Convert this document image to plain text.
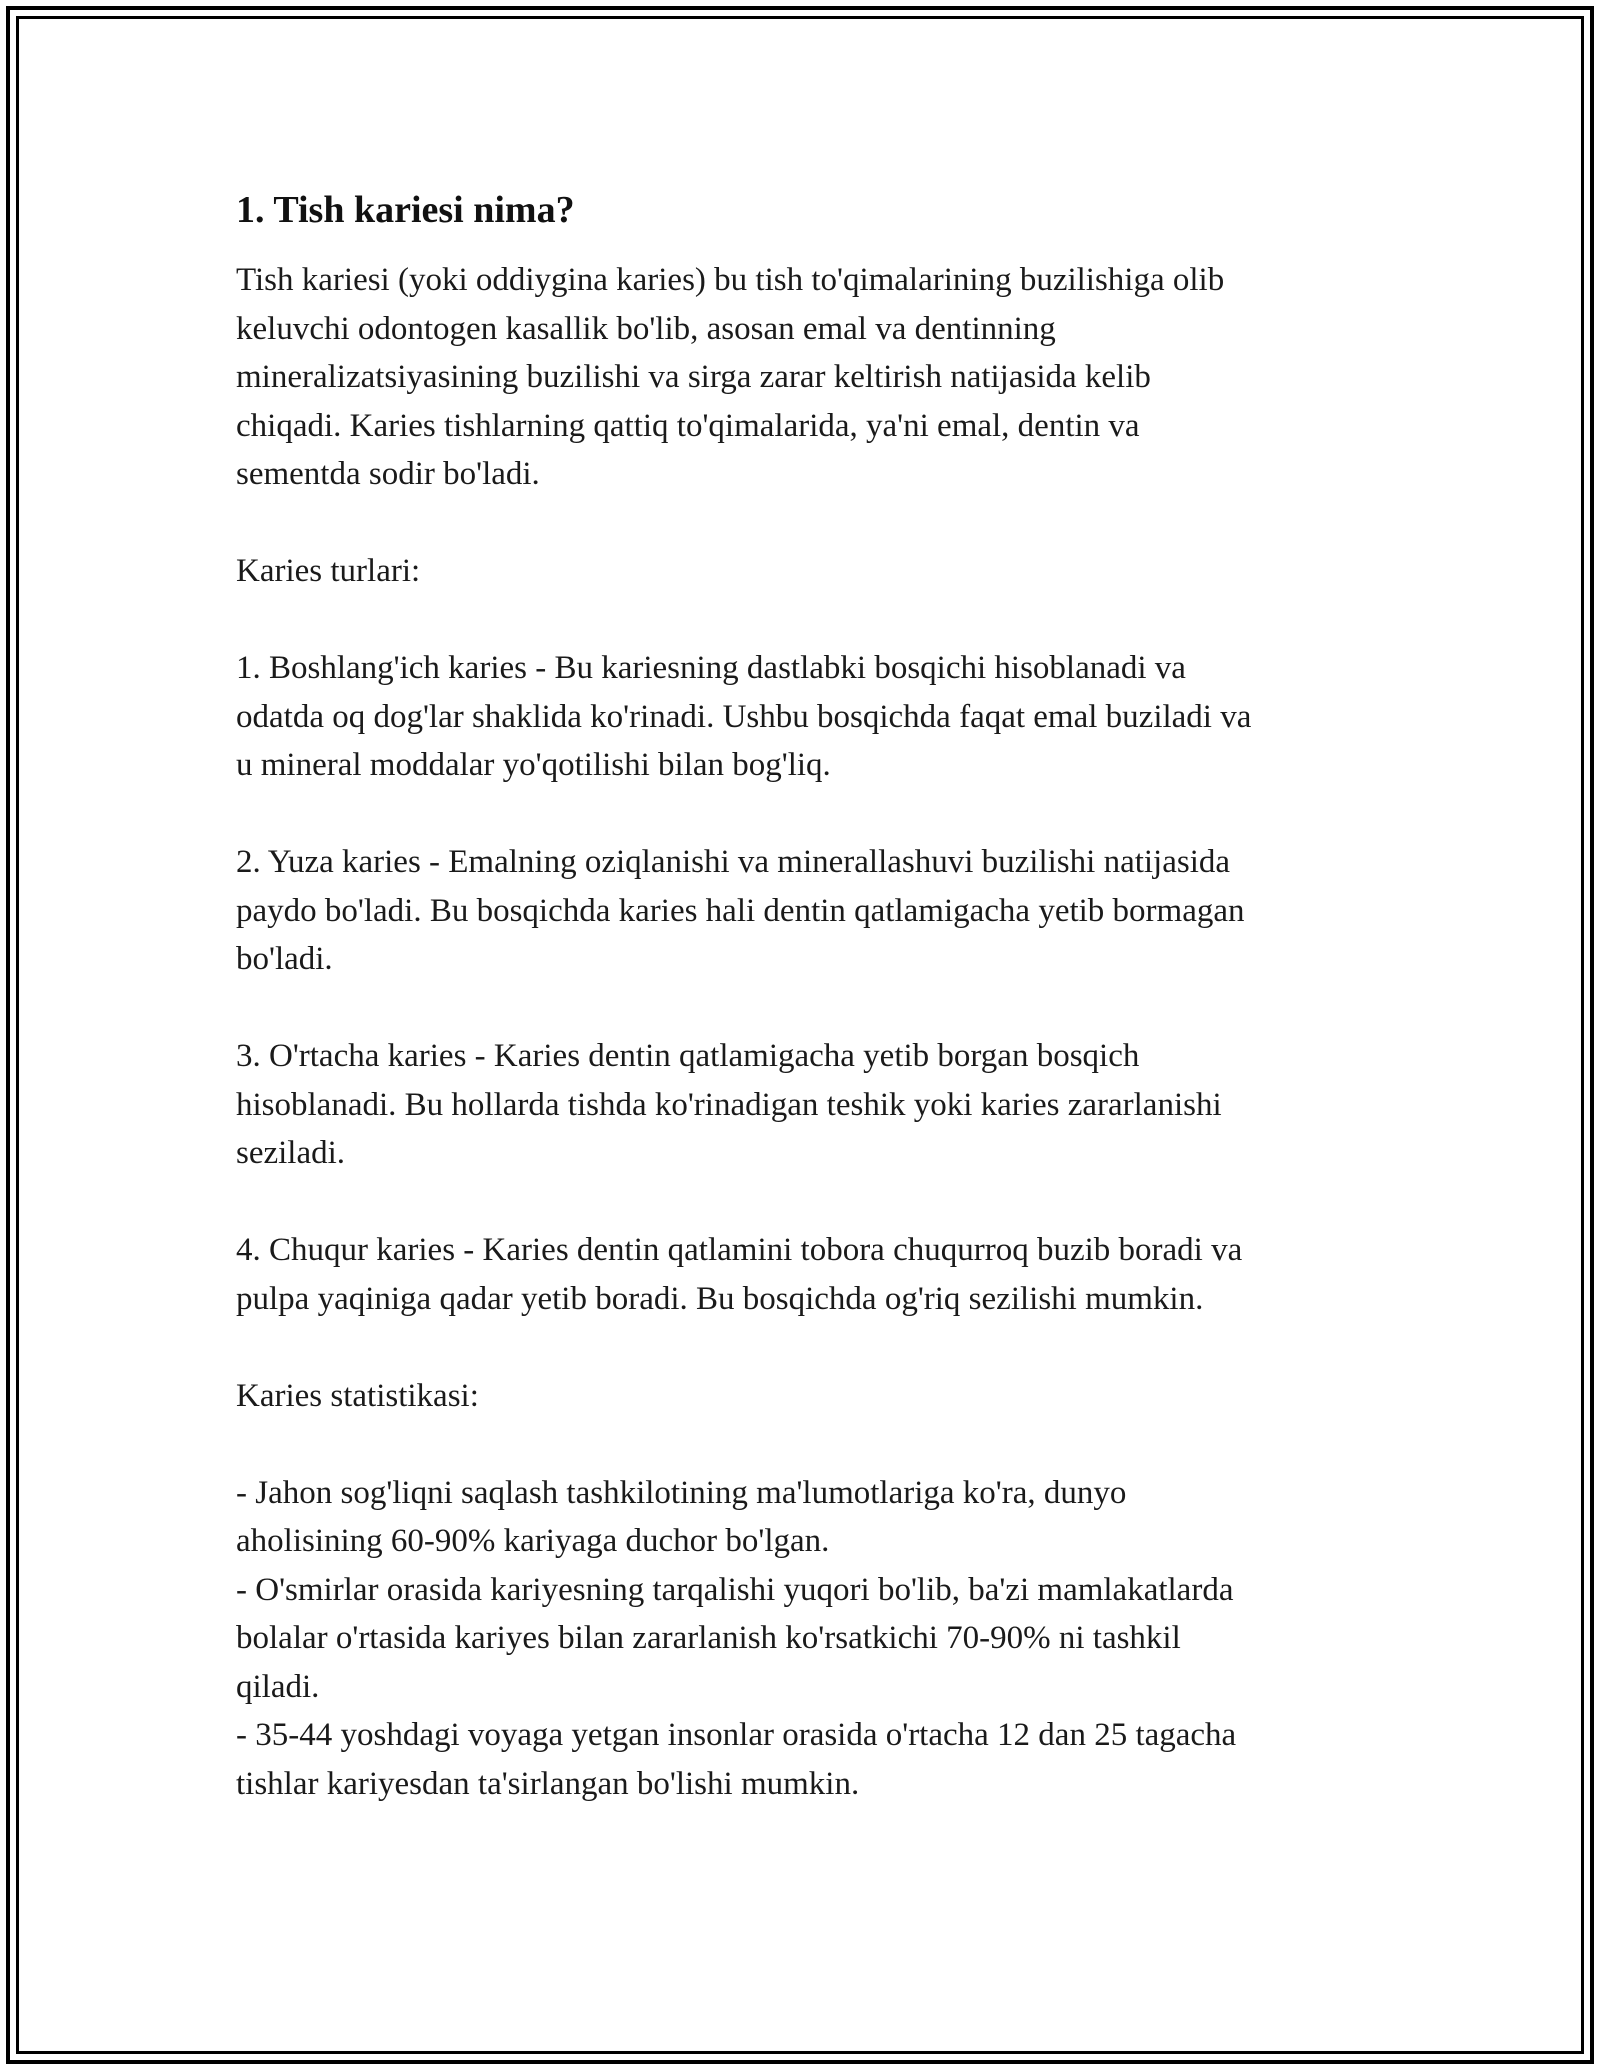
1. Tish kariesi nima?

Tish kariesi (yoki oddiygina karies) bu tish to'qimalarining buzilishiga olib
keluvchi odontogen kasallik bo'lib, asosan emal va dentinning
mineralizatsiyasining buzilishi va sirga zarar keltirish natijasida kelib
chiqadi. Karies tishlarning qattiq to'qimalarida, ya'ni emal, dentin va
sementda sodir bo'ladi.

Karies turlari:

1. Boshlang'ich karies - Bu kariesning dastlabki bosqichi hisoblanadi va
odatda oq dog'lar shaklida ko'rinadi. Ushbu bosqichda faqat emal buziladi va
u mineral moddalar yo'qotilishi bilan bog'liq.

2. Yuza karies - Emalning oziqlanishi va minerallashuvi buzilishi natijasida
paydo bo'ladi. Bu bosqichda karies hali dentin qatlamigacha yetib bormagan
bo'ladi.

3. O'rtacha karies - Karies dentin qatlamigacha yetib borgan bosqich
hisoblanadi. Bu hollarda tishda ko'rinadigan teshik yoki karies zararlanishi
seziladi.

4. Chuqur karies - Karies dentin qatlamini tobora chuqurroq buzib boradi va
pulpa yaqiniga qadar yetib boradi. Bu bosqichda og'riq sezilishi mumkin.

Karies statistikasi:

- Jahon sog'liqni saqlash tashkilotining ma'lumotlariga ko'ra, dunyo
aholisining 60-90% kariyaga duchor bo'lgan.

- O'smirlar orasida kariyesning tarqalishi yuqori bo'lib, ba'zi mamlakatlarda
bolalar o'rtasida kariyes bilan zararlanish ko'rsatkichi 70-90% ni tashkil
qiladi.

- 35-44 yoshdagi voyaga yetgan insonlar orasida o'rtacha 12 dan 25 tagacha
tishlar kariyesdan ta'sirlangan bo'lishi mumkin.
